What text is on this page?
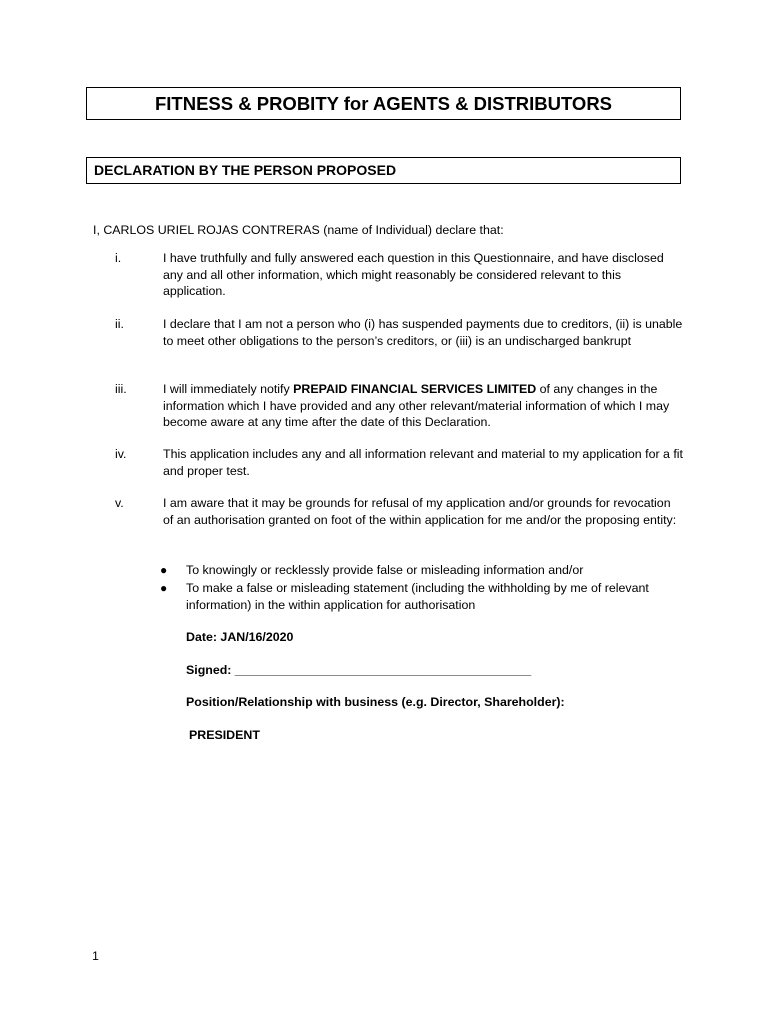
FITNESS & PROBITY for AGENTS & DISTRIBUTORS
DECLARATION BY THE PERSON PROPOSED
I, CARLOS URIEL ROJAS CONTRERAS (name of Individual) declare that:
i.	I have truthfully and fully answered each question in this Questionnaire, and have disclosed any and all other information, which might reasonably be considered relevant to this application.
ii.	I declare that I am not a person who (i) has suspended payments due to creditors, (ii) is unable to meet other obligations to the person’s creditors, or (iii) is an undischarged bankrupt
iii.	I will immediately notify PREPAID FINANCIAL SERVICES LIMITED of any changes in the information which I have provided and any other relevant/material information of which I may become aware at any time after the date of this Declaration.
iv.	This application includes any and all information relevant and material to my application for a fit and proper test.
v.	I am aware that it may be grounds for refusal of my application and/or grounds for revocation of an authorisation granted on foot of the within application for me and/or the proposing entity:
● To knowingly or recklessly provide false or misleading information and/or
● To make a false or misleading statement (including the withholding by me of relevant information) in the within application for authorisation
Date: JAN/16/2020
Signed: ___________________________________________
Position/Relationship with business (e.g. Director, Shareholder):
PRESIDENT
1
